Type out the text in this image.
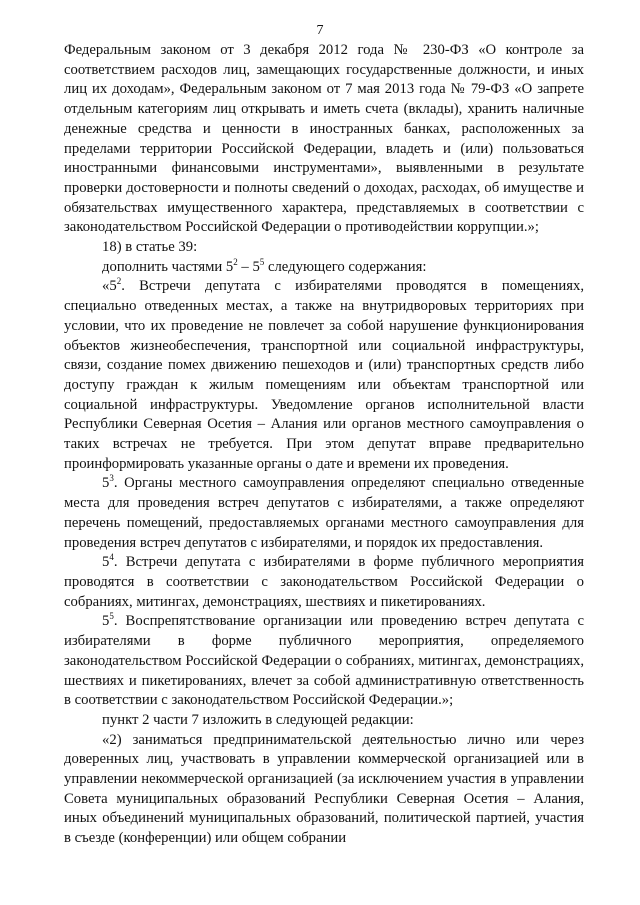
7

Федеральным законом от 3 декабря 2012 года № 230-ФЗ «О контроле за соответствием расходов лиц, замещающих государственные должности, и иных лиц их доходам», Федеральным законом от 7 мая 2013 года № 79-ФЗ «О запрете отдельным категориям лиц открывать и иметь счета (вклады), хранить наличные денежные средства и ценности в иностранных банках, расположенных за пределами территории Российской Федерации, владеть и (или) пользоваться иностранными финансовыми инструментами», выявленными в результате проверки достоверности и полноты сведений о доходах, расходах, об имуществе и обязательствах имущественного характера, представляемых в соответствии с законодательством Российской Федерации о противодействии коррупции.»;

18) в статье 39:

дополнить частями $5^2 - 5^5$ следующего содержания:

«$5^2$. Встречи депутата с избирателями проводятся в помещениях, специально отведенных местах, а также на внутридворовых территориях при условии, что их проведение не повлечет за собой нарушение функционирования объектов жизнеобеспечения, транспортной или социальной инфраструктуры, связи, создание помех движению пешеходов и (или) транспортных средств либо доступу граждан к жилым помещениям или объектам транспортной или социальной инфраструктуры. Уведомление органов исполнительной власти Республики Северная Осетия – Алания или органов местного самоуправления о таких встречах не требуется. При этом депутат вправе предварительно проинформировать указанные органы о дате и времени их проведения.

$5^3$. Органы местного самоуправления определяют специально отведенные места для проведения встреч депутатов с избирателями, а также определяют перечень помещений, предоставляемых органами местного самоуправления для проведения встреч депутатов с избирателями, и порядок их предоставления.

$5^4$. Встречи депутата с избирателями в форме публичного мероприятия проводятся в соответствии с законодательством Российской Федерации о собраниях, митингах, демонстрациях, шествиях и пикетированиях.

$5^5$. Воспрепятствование организации или проведению встреч депутата с избирателями в форме публичного мероприятия, определяемого законодательством Российской Федерации о собраниях, митингах, демонстрациях, шествиях и пикетированиях, влечет за собой административную ответственность в соответствии с законодательством Российской Федерации.»;

пункт 2 части 7 изложить в следующей редакции:

«2) заниматься предпринимательской деятельностью лично или через доверенных лиц, участвовать в управлении коммерческой организацией или в управлении некоммерческой организацией (за исключением участия в управлении Совета муниципальных образований Республики Северная Осетия – Алания, иных объединений муниципальных образований, политической партией, участия в съезде (конференции) или общем собрании
